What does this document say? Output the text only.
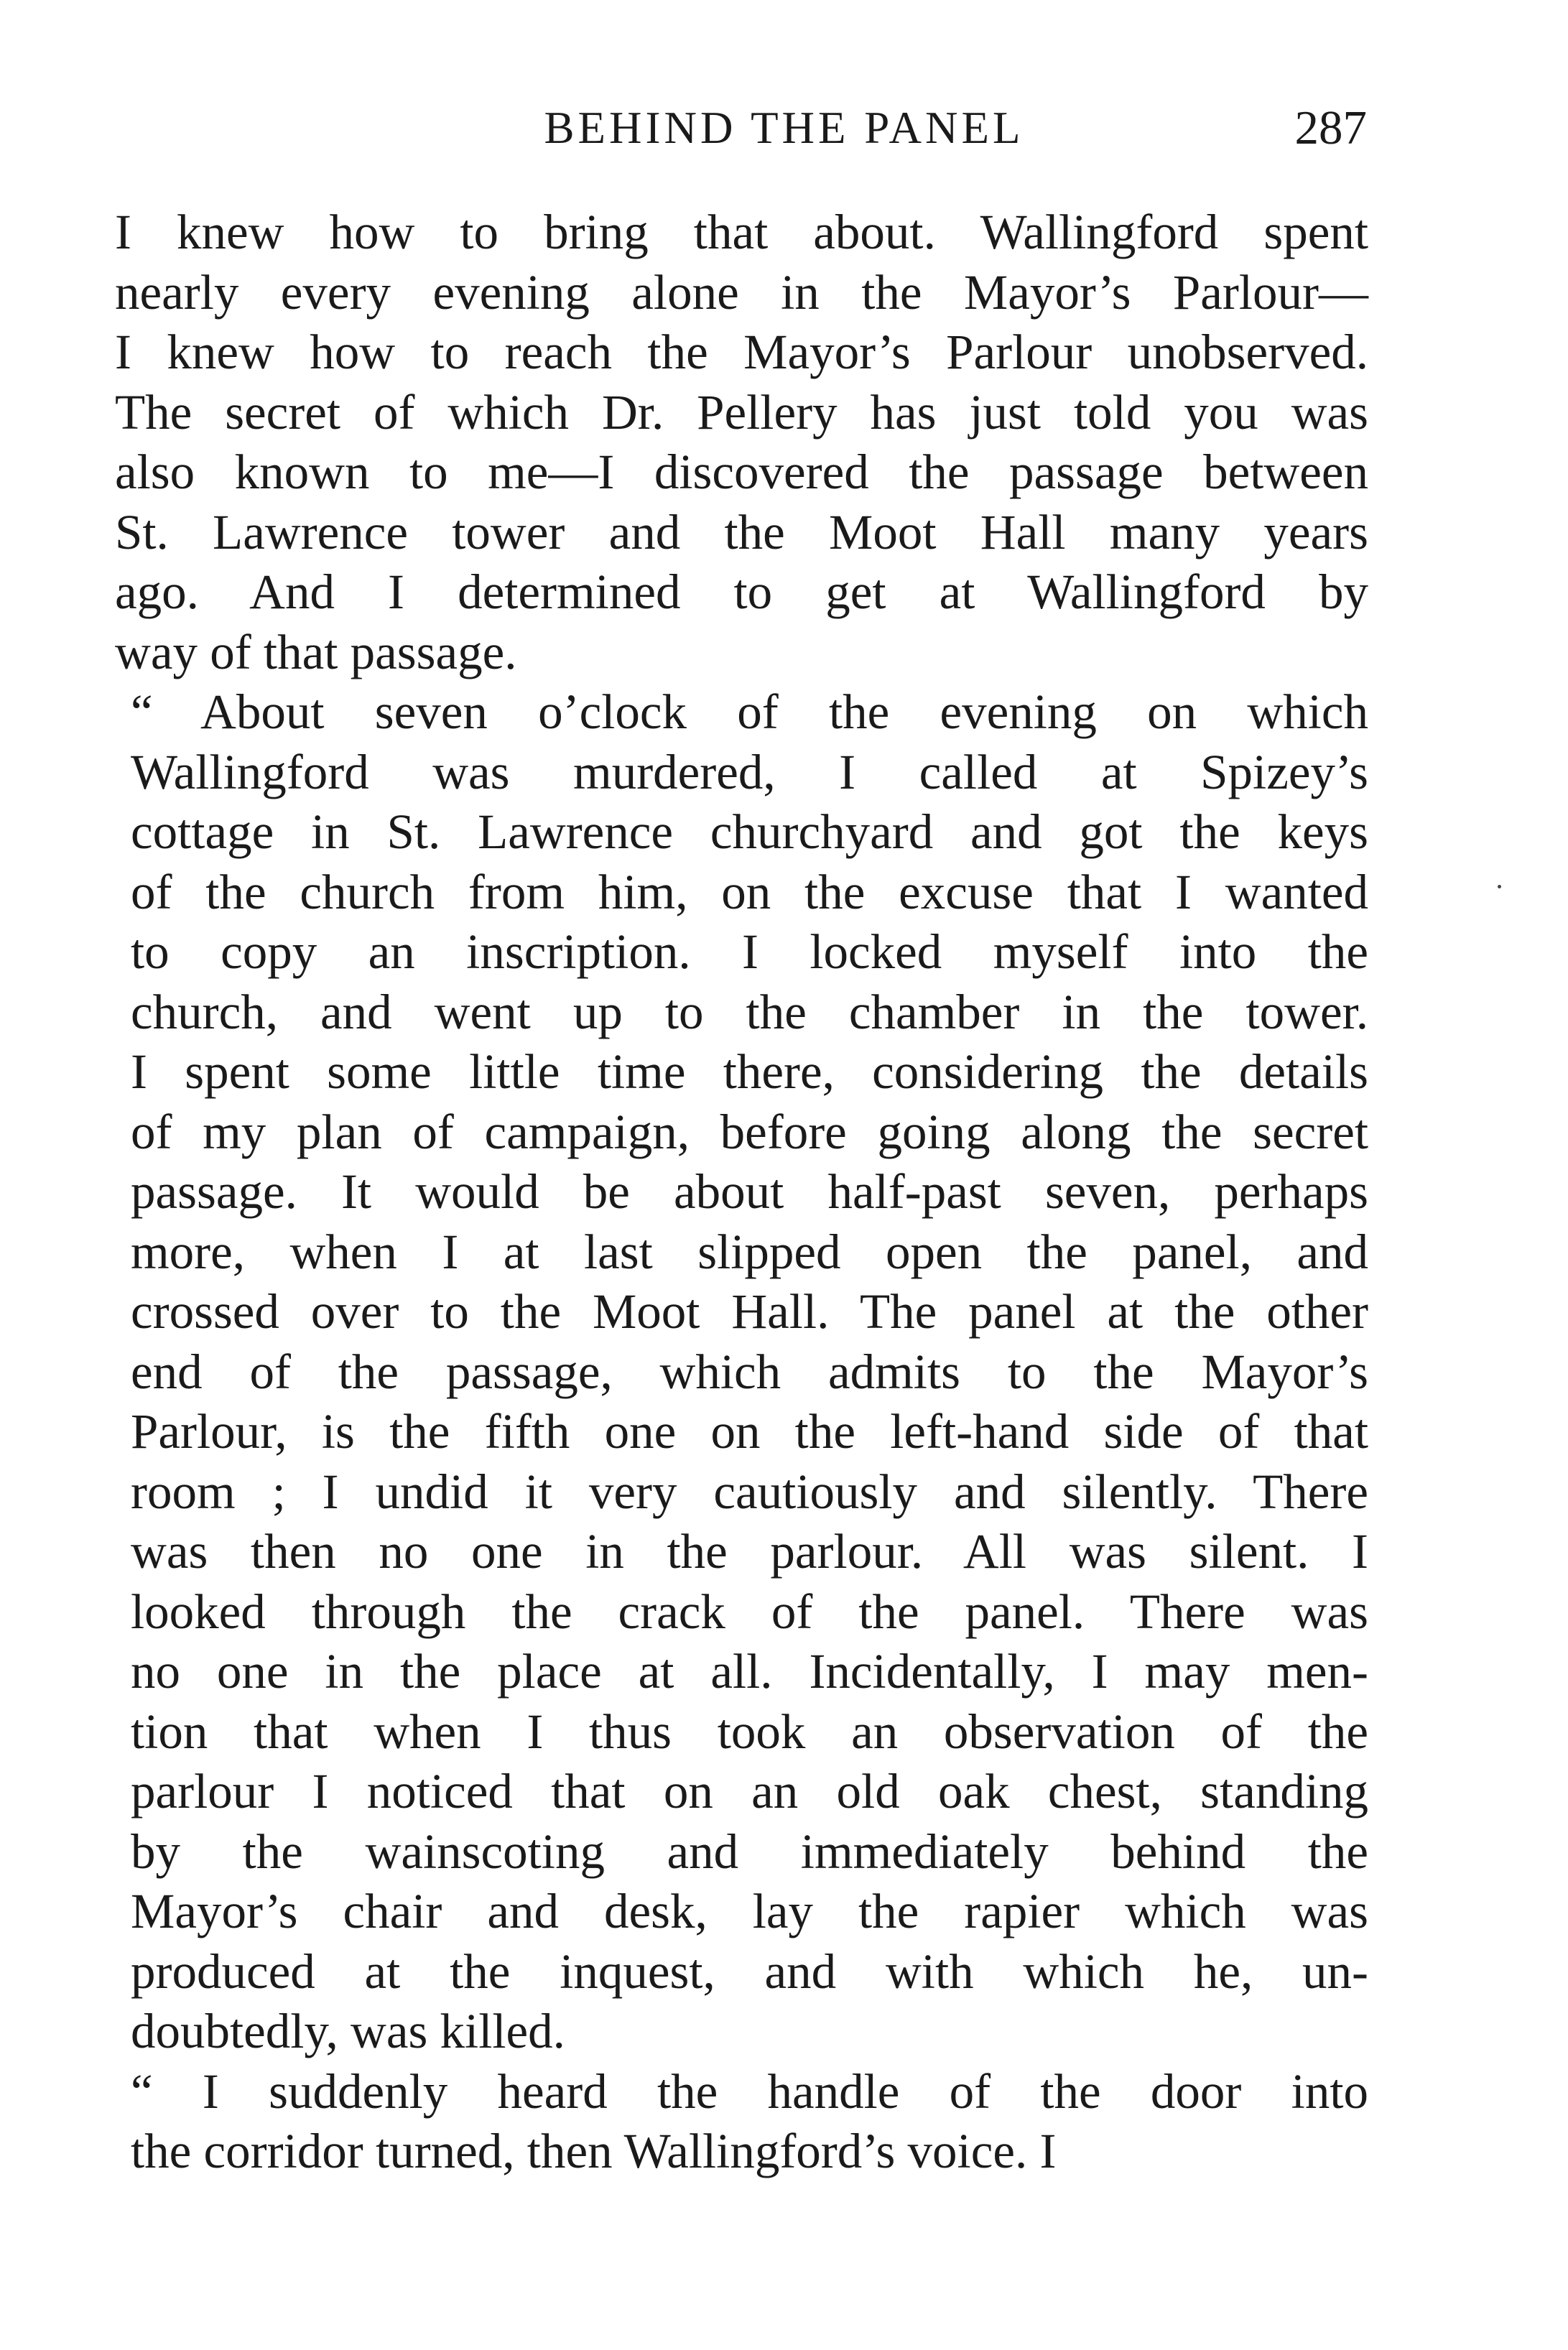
BEHIND THE PANEL	287
I knew how to bring that about. Wallingford spent
nearly every evening alone in the Mayor’s Parlour—
I knew how to reach the Mayor’s Parlour unobserved.
The secret of which Dr. Pellery has just told you was
also known to me—I discovered the passage between
St. Lawrence tower and the Moot Hall many years
ago. And I determined to get at Wallingford by
way of that passage.
“ About seven o’clock of the evening on which
Wallingford was murdered, I called at Spizey’s
cottage in St. Lawrence churchyard and got the keys
of the church from him, on the excuse that I wanted
to copy an inscription. I locked myself into the
church, and went up to the chamber in the tower.
I spent some little time there, considering the details
of my plan of campaign, before going along the secret
passage. It would be about half-past seven, perhaps
more, when I at last slipped open the panel, and
crossed over to the Moot Hall. The panel at the other
end of the passage, which admits to the Mayor’s
Parlour, is the fifth one on the left-hand side of that
room ; I undid it very cautiously and silently. There
was then no one in the parlour. All was silent. I
looked through the crack of the panel. There was
no one in the place at all. Incidentally, I may men-
tion that when I thus took an observation of the
parlour I noticed that on an old oak chest, standing
by the wainscoting and immediately behind the
Mayor’s chair and desk, lay the rapier which was
produced at the inquest, and with which he, un-
doubtedly, was killed.
“ I suddenly heard the handle of the door into
the corridor turned, then Wallingford’s voice. I
